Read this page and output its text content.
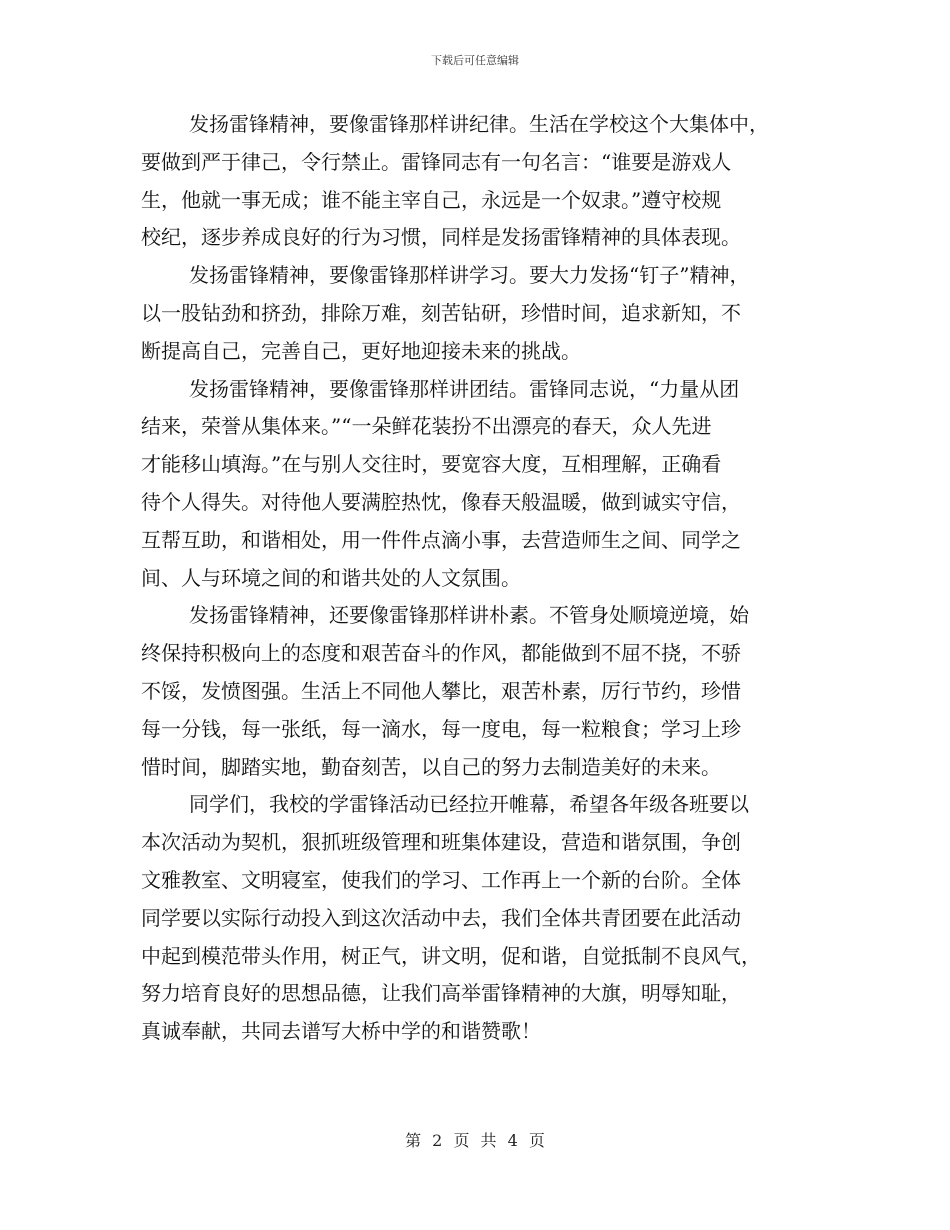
下载后可任意编辑
发扬雷锋精神，要像雷锋那样讲纪律。生活在学校这个大集体中，
要做到严于律己，令行禁止。雷锋同志有一句名言：“谁要是游戏人
生，他就一事无成；谁不能主宰自己，永远是一个奴隶。”遵守校规
校纪，逐步养成良好的行为习惯，同样是发扬雷锋精神的具体表现。
发扬雷锋精神，要像雷锋那样讲学习。要大力发扬“钉子”精神，
以一股钻劲和挤劲，排除万难，刻苦钻研，珍惜时间，追求新知，不
断提高自己，完善自己，更好地迎接未来的挑战。
发扬雷锋精神，要像雷锋那样讲团结。雷锋同志说，“力量从团
结来，荣誉从集体来。”“一朵鲜花装扮不出漂亮的春天，众人先进
才能移山填海。”在与别人交往时，要宽容大度，互相理解，正确看
待个人得失。对待他人要满腔热忱，像春天般温暖，做到诚实守信，
互帮互助，和谐相处，用一件件点滴小事，去营造师生之间、同学之
间、人与环境之间的和谐共处的人文氛围。
发扬雷锋精神，还要像雷锋那样讲朴素。不管身处顺境逆境，始
终保持积极向上的态度和艰苦奋斗的作风，都能做到不屈不挠，不骄
不馁，发愤图强。生活上不同他人攀比，艰苦朴素，厉行节约，珍惜
每一分钱，每一张纸，每一滴水，每一度电，每一粒粮食；学习上珍
惜时间，脚踏实地，勤奋刻苦，以自己的努力去制造美好的未来。
同学们，我校的学雷锋活动已经拉开帷幕，希望各年级各班要以
本次活动为契机，狠抓班级管理和班集体建设，营造和谐氛围，争创
文雅教室、文明寝室，使我们的学习、工作再上一个新的台阶。全体
同学要以实际行动投入到这次活动中去，我们全体共青团要在此活动
中起到模范带头作用，树正气，讲文明，促和谐，自觉抵制不良风气，
努力培育良好的思想品德，让我们高举雷锋精神的大旗，明辱知耻，
真诚奉献，共同去谱写大桥中学的和谐赞歌！
第 2 页 共 4 页
